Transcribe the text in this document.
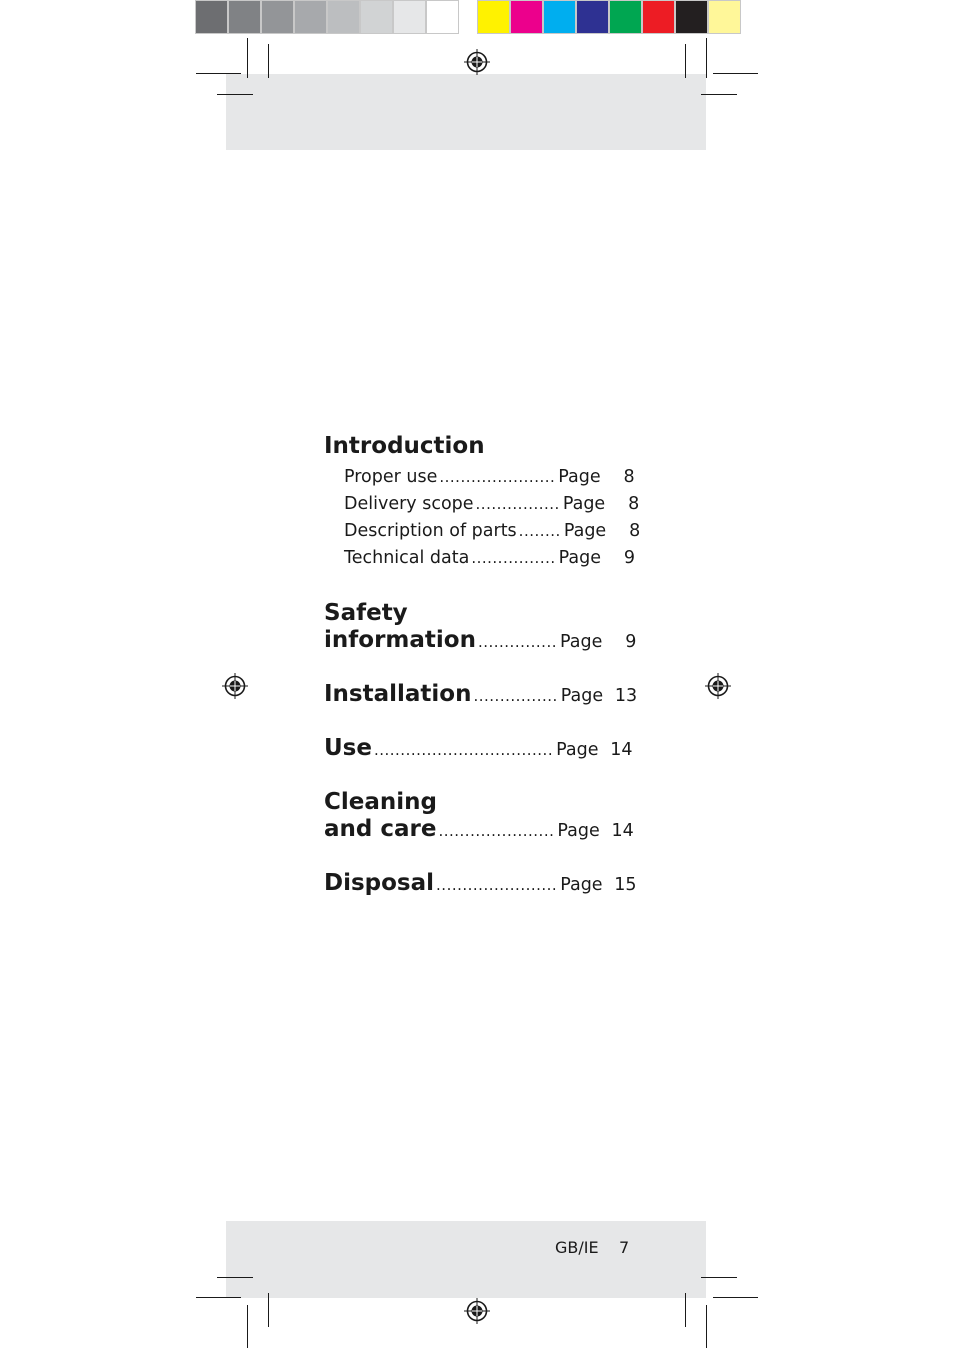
Introduction
Proper use ...................... Page	8
Delivery scope ................ Page	8
Description of parts ........ Page	8
Technical data ................ Page	9
Safety
information ............... Page	9
Installation ................ Page 13
Use .................................. Page 14
Cleaning
and care ...................... Page 14
Disposal ....................... Page 15
GB/IE 7
